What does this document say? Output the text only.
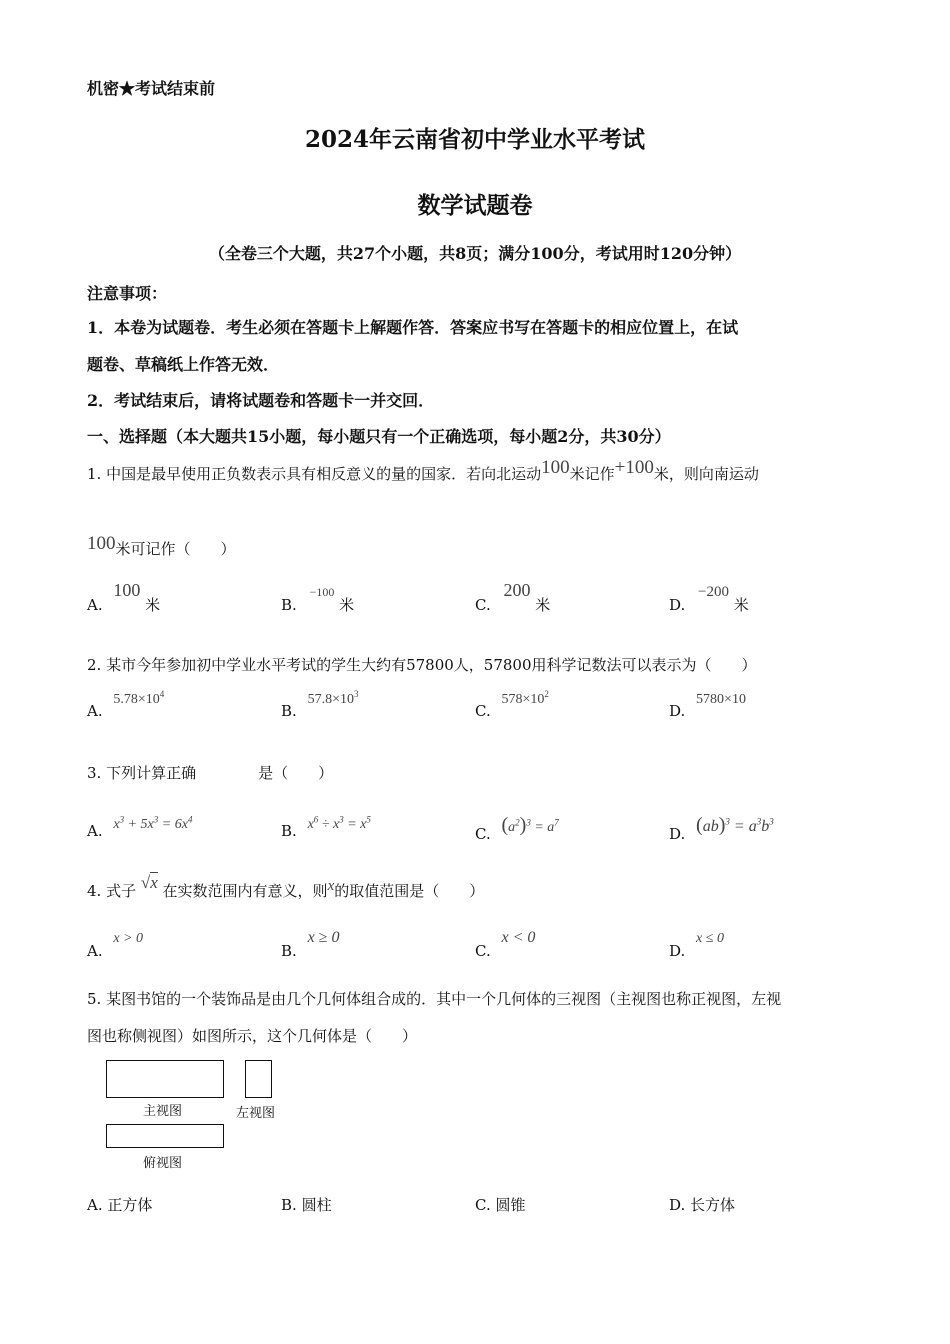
机密★考试结束前
2024年云南省初中学业水平考试
数学试题卷
（全卷三个大题，共27个小题，共8页；满分100分，考试用时120分钟）
注意事项：
1．本卷为试题卷．考生必须在答题卡上解题作答．答案应书写在答题卡的相应位置上，在试
题卷、草稿纸上作答无效．
2．考试结束后，请将试题卷和答题卡一并交回．
一、选择题（本大题共15小题，每小题只有一个正确选项，每小题2分，共30分）
1. 中国是最早使用正负数表示具有相反意义的量的国家．若向北运动100米记作+100米，则向南运动
100米可记作（　　）
A. 100 米	B. $^{-100}$ 米	C. 200 米	D. −200 米
2. 某市今年参加初中学业水平考试的学生大约有57800人，57800用科学记数法可以表示为（　　）
A. $5.78\times 10^4$
B. $57.8\times 10^3$
C. $578\times 10^2$
D. 5780×10
3. 下列计算正确	是（　　）
A. $x^3 + 5x^3 = 6x^4$
B. $x^6 \div x^3 = x^5$
C. $(a^2)^3 = a^7$
D. $(ab)^3 = a^3b^3$
4. 式子 √x 在实数范围内有意义，则x的取值范围是（　　）
A. x > 0
B. x ≥ 0
C. x < 0
D. x ≤ 0
5. 某图书馆的一个装饰品是由几个几何体组合成的．其中一个几何体的三视图（主视图也称正视图，左视
图也称侧视图）如图所示，这个几何体是（　　）
主视图	左视图
俯视图
A. 正方体	B. 圆柱	C. 圆锥	D. 长方体
